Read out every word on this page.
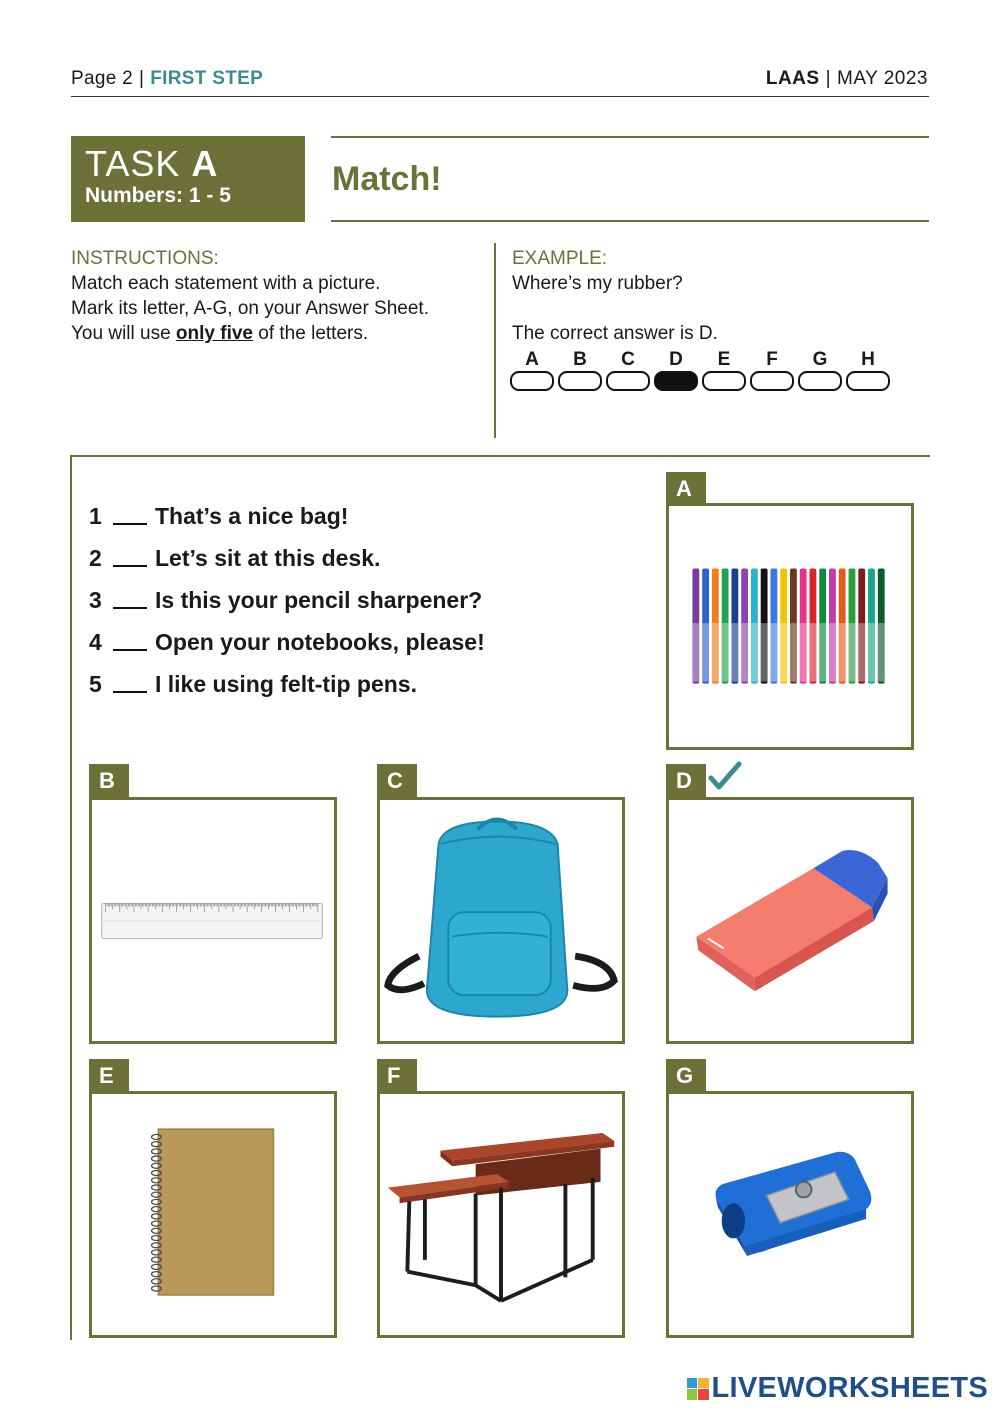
Page 2 | FIRST STEP	LAAS | MAY 2023
TASK A
Numbers: 1 - 5	Match!
INSTRUCTIONS:
Match each statement with a picture.
Mark its letter, A-G, on your Answer Sheet.
You will use only five of the letters.
EXAMPLE:
Where’s my rubber?
The correct answer is D.
A B C D E F G H
1	That’s a nice bag!
2	Let’s sit at this desk.
3	Is this your pencil sharpener?
4	Open your notebooks, please!
5	I like using felt-tip pens.
A
B	C	D
E	F	G
LIVEWORKSHEETS
